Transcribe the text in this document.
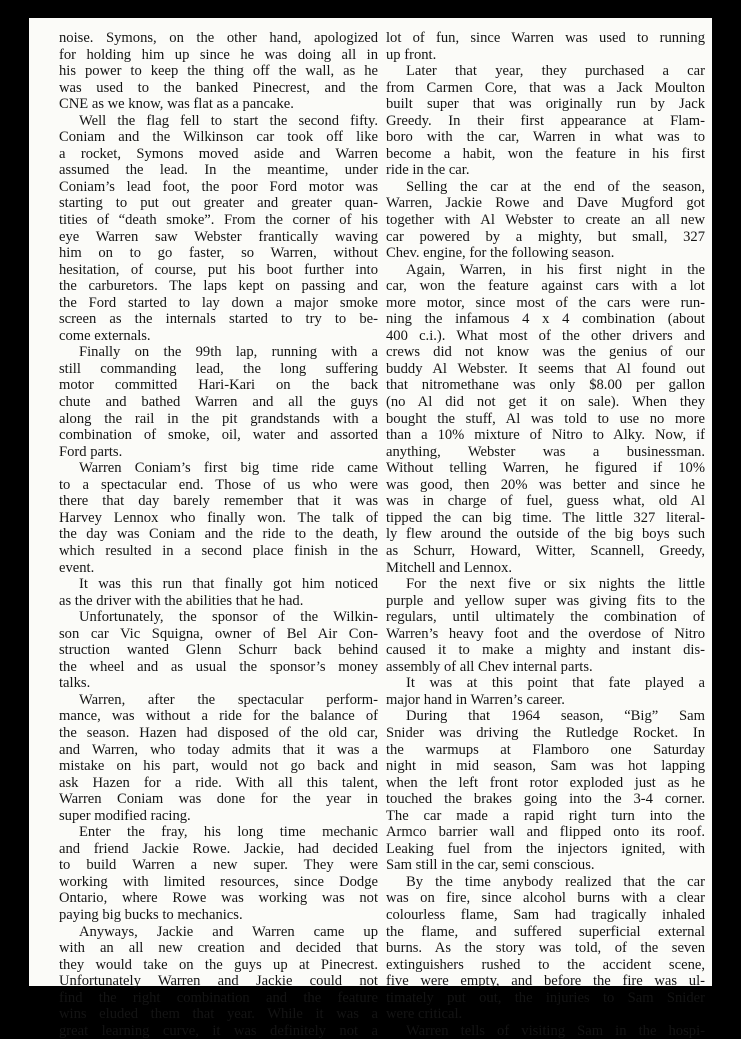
noise. Symons, on the other hand, apologized
for holding him up since he was doing all in
his power to keep the thing off the wall, as he
was used to the banked Pinecrest, and the
CNE as we know, was flat as a pancake.

Well the flag fell to start the second fifty.
Coniam and the Wilkinson car took off like
a rocket, Symons moved aside and Warren
assumed the lead. In the meantime, under
Coniam’s lead foot, the poor Ford motor was
starting to put out greater and greater quan-
tities of “death smoke”. From the corner of his
eye Warren saw Webster frantically waving
him on to go faster, so Warren, without
hesitation, of course, put his boot further into
the carburetors. The laps kept on passing and
the Ford started to lay down a major smoke
screen as the internals started to try to be-
come externals.

Finally on the 99th lap, running with a
still commanding lead, the long suffering
motor committed Hari-Kari on the back
chute and bathed Warren and all the guys
along the rail in the pit grandstands with a
combination of smoke, oil, water and assorted
Ford parts.

Warren Coniam’s first big time ride came
to a spectacular end. Those of us who were
there that day barely remember that it was
Harvey Lennox who finally won. The talk of
the day was Coniam and the ride to the death,
which resulted in a second place finish in the
event.

It was this run that finally got him noticed
as the driver with the abilities that he had.

Unfortunately, the sponsor of the Wilkin-
son car Vic Squigna, owner of Bel Air Con-
struction wanted Glenn Schurr back behind
the wheel and as usual the sponsor’s money
talks.

Warren, after the spectacular perform-
mance, was without a ride for the balance of
the season. Hazen had disposed of the old car,
and Warren, who today admits that it was a
mistake on his part, would not go back and
ask Hazen for a ride. With all this talent,
Warren Coniam was done for the year in
super modified racing.

Enter the fray, his long time mechanic
and friend Jackie Rowe. Jackie, had decided
to build Warren a new super. They were
working with limited resources, since Dodge
Ontario, where Rowe was working was not
paying big bucks to mechanics.

Anyways, Jackie and Warren came up
with an all new creation and decided that
they would take on the guys up at Pinecrest.
Unfortunately Warren and Jackie could not
find the right combination and the feature
wins eluded them that year. While it was a
great learning curve, it was definitely not a

lot of fun, since Warren was used to running
up front.

Later that year, they purchased a car
from Carmen Core, that was a Jack Moulton
built super that was originally run by Jack
Greedy. In their first appearance at Flam-
boro with the car, Warren in what was to
become a habit, won the feature in his first
ride in the car.

Selling the car at the end of the season,
Warren, Jackie Rowe and Dave Mugford got
together with Al Webster to create an all new
car powered by a mighty, but small, 327
Chev. engine, for the following season.

Again, Warren, in his first night in the
car, won the feature against cars with a lot
more motor, since most of the cars were run-
ning the infamous 4 x 4 combination (about
400 c.i.). What most of the other drivers and
crews did not know was the genius of our
buddy Al Webster. It seems that Al found out
that nitromethane was only $8.00 per gallon
(no Al did not get it on sale). When they
bought the stuff, Al was told to use no more
than a 10% mixture of Nitro to Alky. Now, if
anything, Webster was a businessman.
Without telling Warren, he figured if 10%
was good, then 20% was better and since he
was in charge of fuel, guess what, old Al
tipped the can big time. The little 327 literal-
ly flew around the outside of the big boys such
as Schurr, Howard, Witter, Scannell, Greedy,
Mitchell and Lennox.

For the next five or six nights the little
purple and yellow super was giving fits to the
regulars, until ultimately the combination of
Warren’s heavy foot and the overdose of Nitro
caused it to make a mighty and instant dis-
assembly of all Chev internal parts.

It was at this point that fate played a
major hand in Warren’s career.

During that 1964 season, “Big” Sam
Snider was driving the Rutledge Rocket. In
the warmups at Flamboro one Saturday
night in mid season, Sam was hot lapping
when the left front rotor exploded just as he
touched the brakes going into the 3-4 corner.
The car made a rapid right turn into the
Armco barrier wall and flipped onto its roof.
Leaking fuel from the injectors ignited, with
Sam still in the car, semi conscious.

By the time anybody realized that the car
was on fire, since alcohol burns with a clear
colourless flame, Sam had tragically inhaled
the flame, and suffered superficial external
burns. As the story was told, of the seven
extinguishers rushed to the accident scene,
five were empty, and before the fire was ul-
timately put out, the injuries to Sam Snider
were critical.

Warren tells of visiting Sam in the hospi-
